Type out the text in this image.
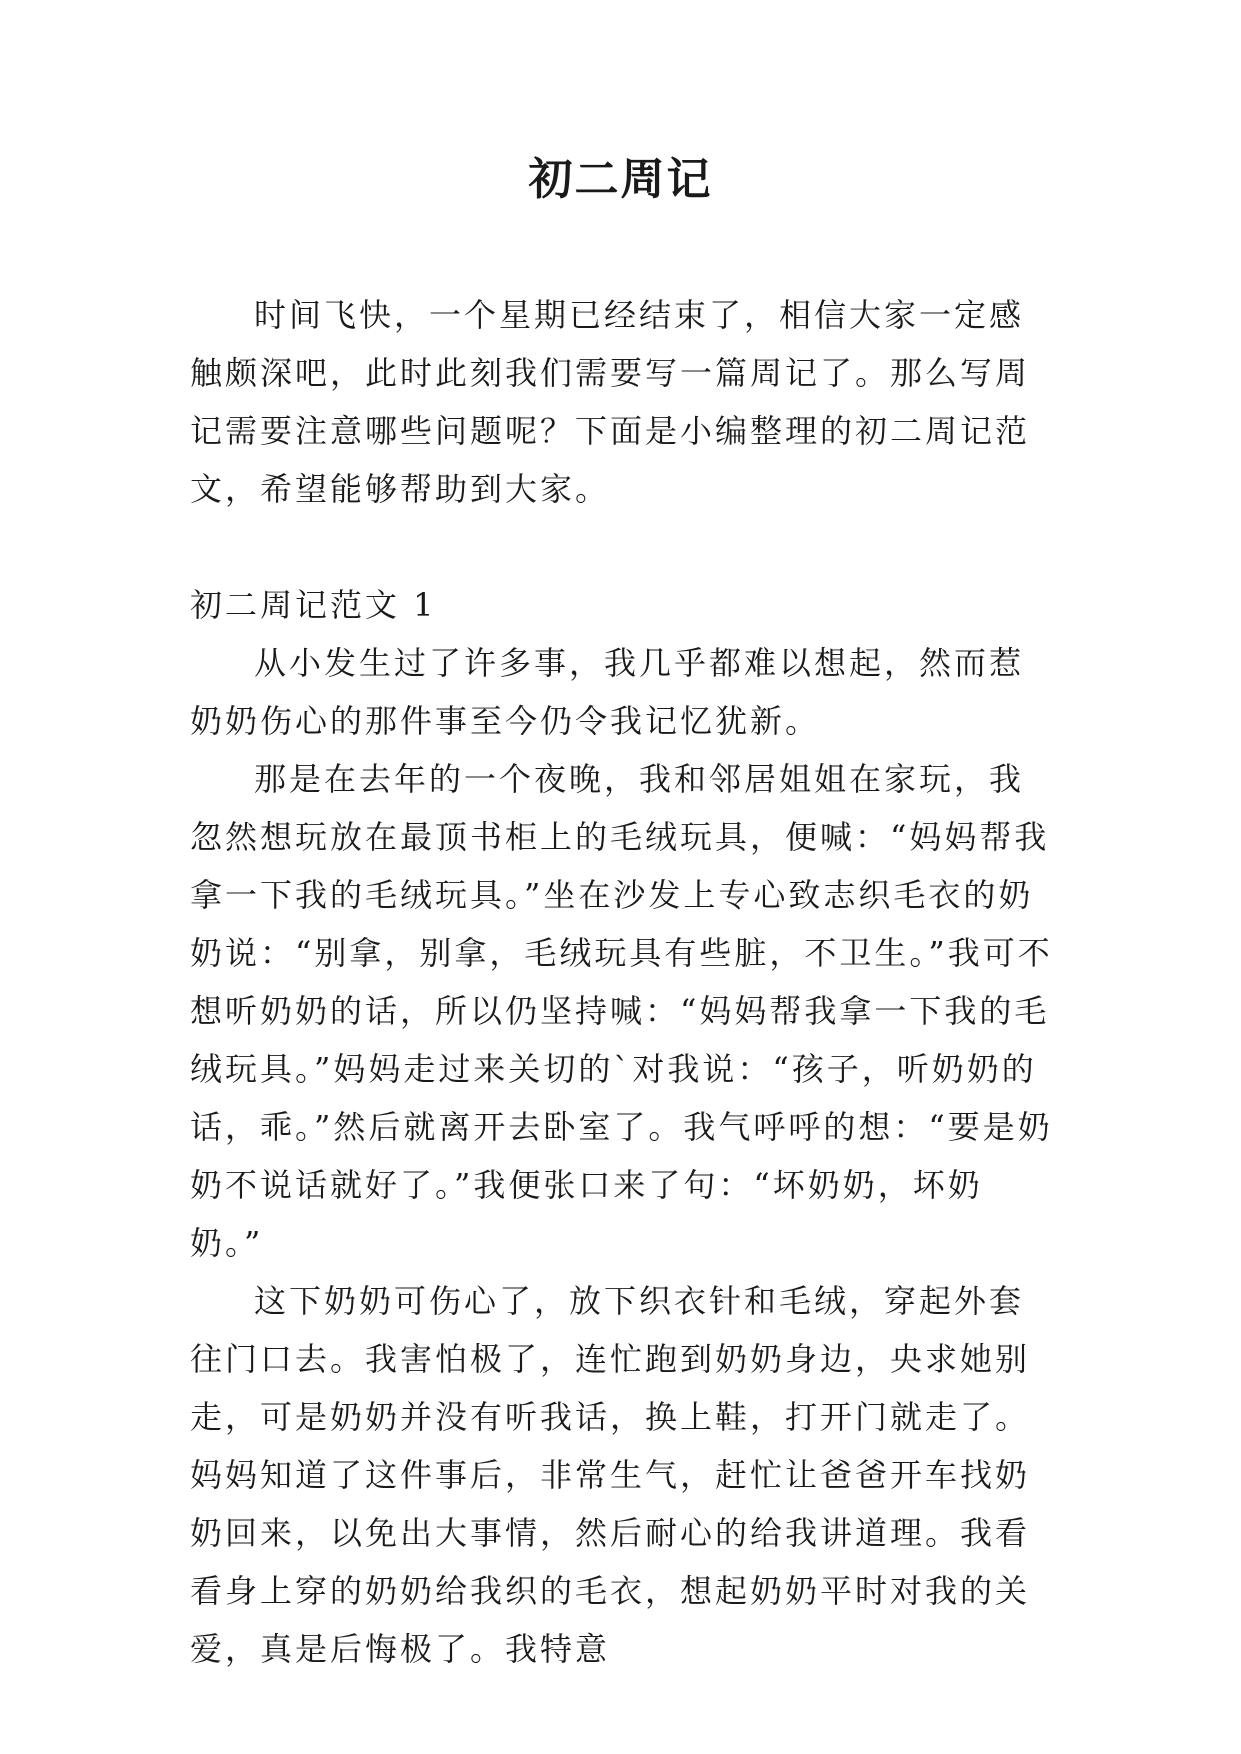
初二周记

时间飞快，一个星期已经结束了，相信大家一定感触颇深吧，此时此刻我们需要写一篇周记了。那么写周记需要注意哪些问题呢？下面是小编整理的初二周记范文，希望能够帮助到大家。

初二周记范文 1

从小发生过了许多事，我几乎都难以想起，然而惹奶奶伤心的那件事至今仍令我记忆犹新。

那是在去年的一个夜晚，我和邻居姐姐在家玩，我忽然想玩放在最顶书柜上的毛绒玩具，便喊：“妈妈帮我拿一下我的毛绒玩具。”坐在沙发上专心致志织毛衣的奶奶说：“别拿，别拿，毛绒玩具有些脏，不卫生。”我可不想听奶奶的话，所以仍坚持喊：“妈妈帮我拿一下我的毛绒玩具。”妈妈走过来关切的`对我说：“孩子，听奶奶的话，乖。”然后就离开去卧室了。我气呼呼的想：“要是奶奶不说话就好了。”我便张口来了句：“坏奶奶，坏奶奶。”

这下奶奶可伤心了，放下织衣针和毛绒，穿起外套往门口去。我害怕极了，连忙跑到奶奶身边，央求她别走，可是奶奶并没有听我话，换上鞋，打开门就走了。妈妈知道了这件事后，非常生气，赶忙让爸爸开车找奶奶回来，以免出大事情，然后耐心的给我讲道理。我看看身上穿的奶奶给我织的毛衣，想起奶奶平时对我的关爱，真是后悔极了。我特意
